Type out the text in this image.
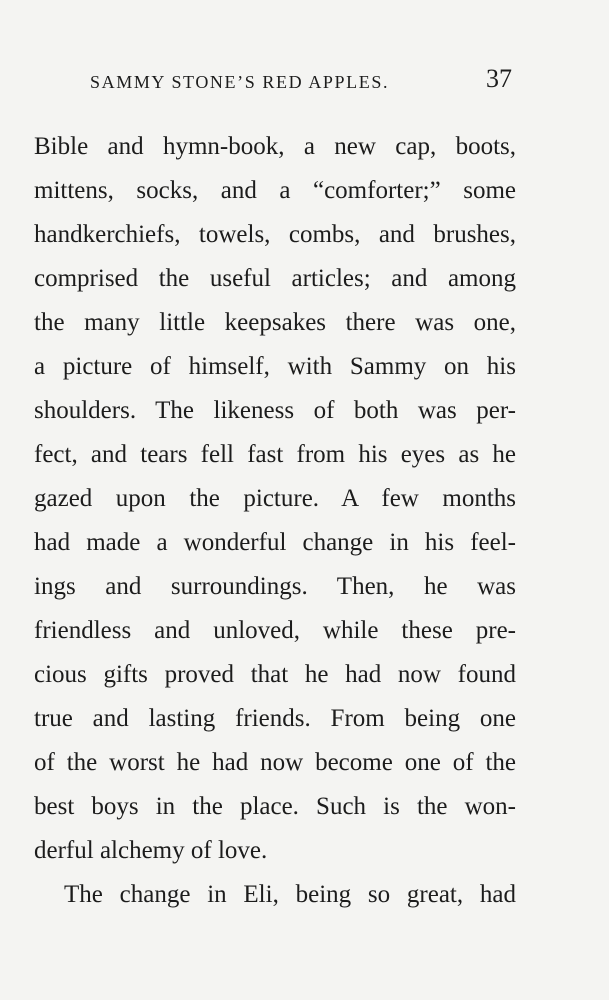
SAMMY STONE’S RED APPLES.	37
Bible and hymn-book, a new cap, boots,
mittens, socks, and a “comforter;” some
handkerchiefs, towels, combs, and brushes,
comprised the useful articles; and among
the many little keepsakes there was one,
a picture of himself, with Sammy on his
shoulders. The likeness of both was per-
fect, and tears fell fast from his eyes as he
gazed upon the picture. A few months
had made a wonderful change in his feel-
ings and surroundings. Then, he was
friendless and unloved, while these pre-
cious gifts proved that he had now found
true and lasting friends. From being one
of the worst he had now become one of the
best boys in the place. Such is the won-
derful alchemy of love.
The change in Eli, being so great, had
